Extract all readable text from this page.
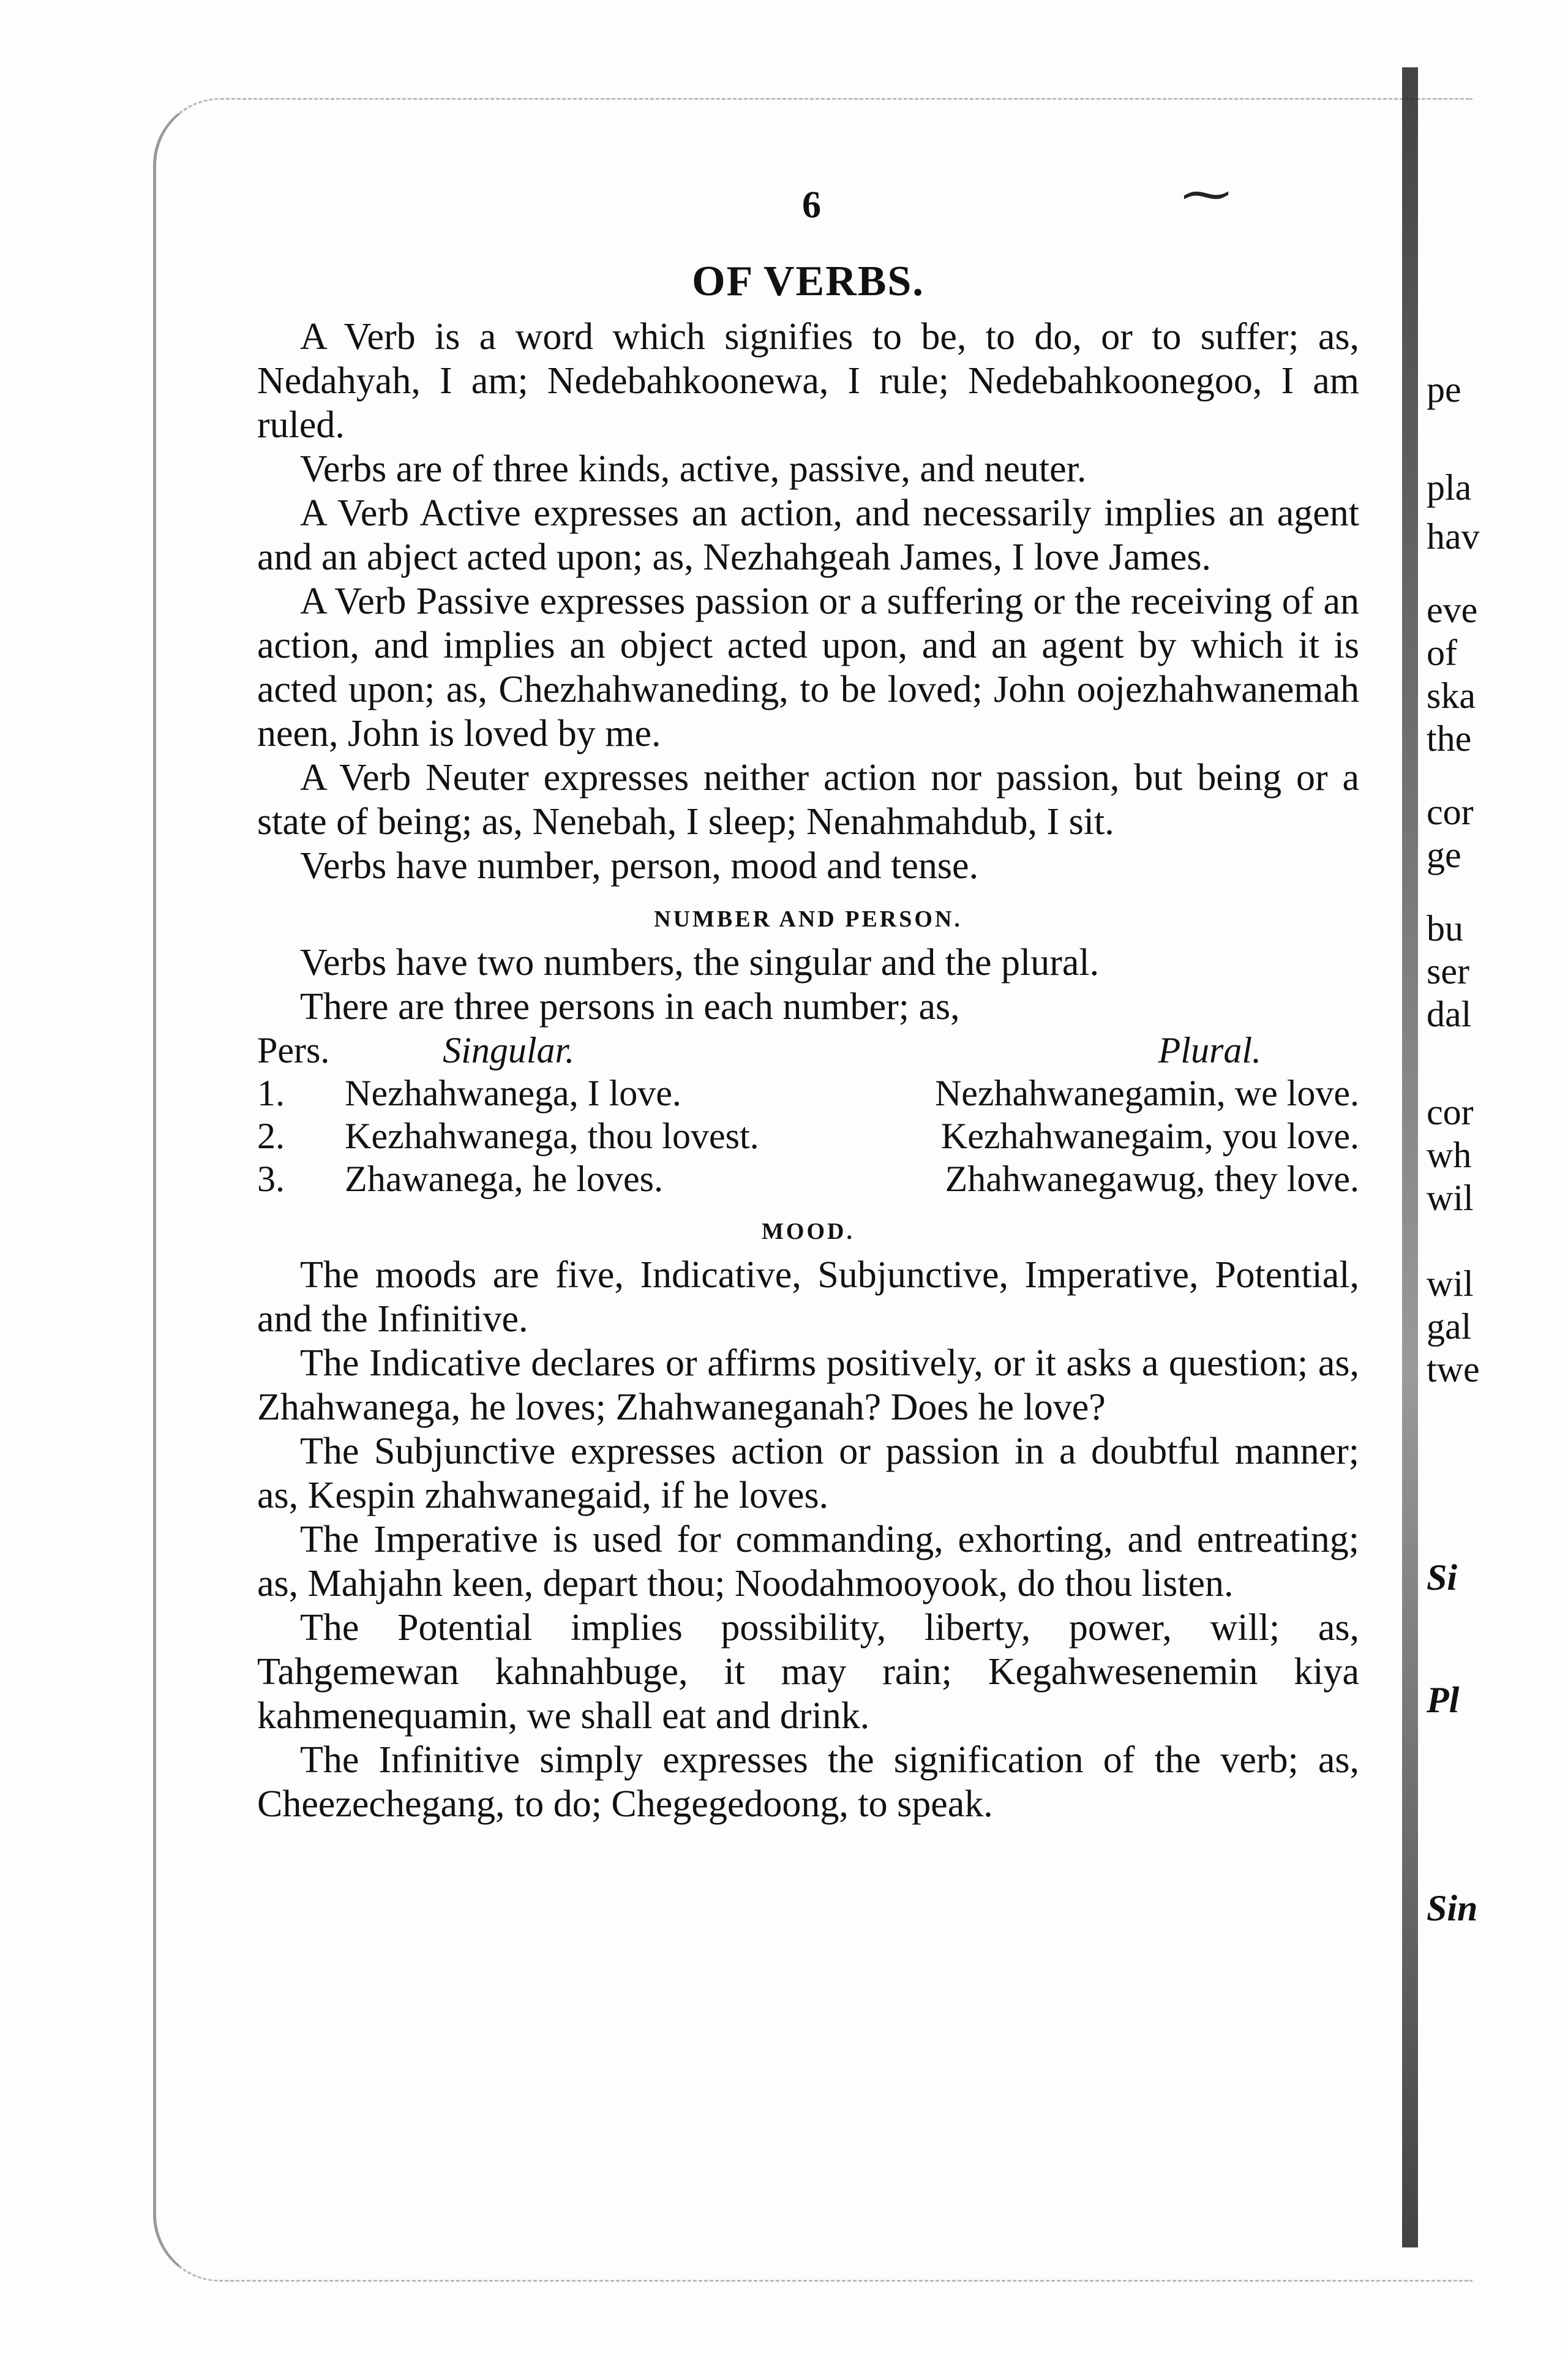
6	⁓
OF VERBS.

A Verb is a word which signifies to be, to do, or to suffer; as, Nedahyah, I am; Nedebahkoonewa, I rule; Nedebahkoonegoo, I am ruled.

Verbs are of three kinds, active, passive, and neuter.

A Verb Active expresses an action, and necessarily implies an agent and an abject acted upon; as, Nezhahgeah James, I love James.

A Verb Passive expresses passion or a suffering or the receiving of an action, and implies an object acted upon, and an agent by which it is acted upon; as, Chezhahwaneding, to be loved; John oojezhahwanemah neen, John is loved by me.

A Verb Neuter expresses neither action nor passion, but being or a state of being; as, Nenebah, I sleep; Nenahmahdub, I sit.

Verbs have number, person, mood and tense.

NUMBER AND PERSON.

Verbs have two numbers, the singular and the plural.

There are three persons in each number; as,

Pers.	Singular.	Plural.
1.	Nezhahwanega, I love.	Nezhahwanegamin, we love.
2.	Kezhahwanega, thou lovest.	Kezhahwanegaim, you love.
3.	Zhawanega, he loves.	Zhahwanegawug, they love.
MOOD.

The moods are five, Indicative, Subjunctive, Imperative, Potential, and the Infinitive.

The Indicative declares or affirms positively, or it asks a question; as, Zhahwanega, he loves; Zhahwaneganah? Does he love?

The Subjunctive expresses action or passion in a doubtful manner; as, Kespin zhahwanegaid, if he loves.

The Imperative is used for commanding, exhorting, and entreating; as, Mahjahn keen, depart thou; Noodahmooyook, do thou listen.

The Potential implies possibility, liberty, power, will; as, Tahgemewan kahnahbuge, it may rain; Kegahwesenemin kiya kahmenequamin, we shall eat and drink.

The Infinitive simply expresses the signification of the verb; as, Cheezechegang, to do; Chegegedoong, to speak.

pe
pla
hav
eve
of
ska
the
cor
ge
bu
ser
dal
cor
wh
wil
wil
gal
twe
Si
Pl
Sin
